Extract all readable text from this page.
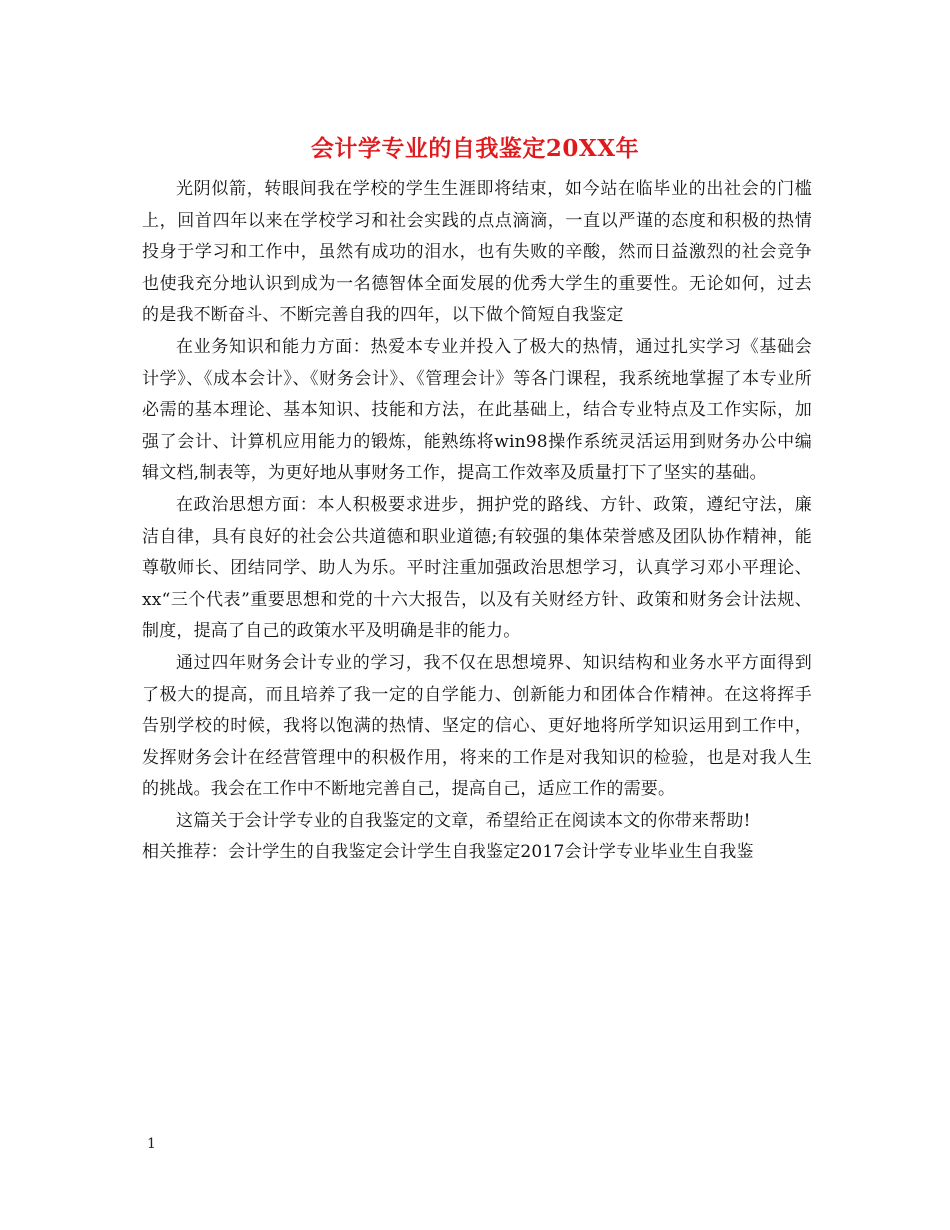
会计学专业的自我鉴定20XX年

光阴似箭，转眼间我在学校的学生生涯即将结束，如今站在临毕业的出社会的门槛上，回首四年以来在学校学习和社会实践的点点滴滴，一直以严谨的态度和积极的热情投身于学习和工作中，虽然有成功的泪水，也有失败的辛酸，然而日益激烈的社会竞争也使我充分地认识到成为一名德智体全面发展的优秀大学生的重要性。无论如何，过去的是我不断奋斗、不断完善自我的四年，以下做个简短自我鉴定

在业务知识和能力方面：热爱本专业并投入了极大的热情，通过扎实学习《基础会计学》、《成本会计》、《财务会计》、《管理会计》等各门课程，我系统地掌握了本专业所必需的基本理论、基本知识、技能和方法，在此基础上，结合专业特点及工作实际，加强了会计、计算机应用能力的锻炼，能熟练将win98操作系统灵活运用到财务办公中编辑文档,制表等，为更好地从事财务工作，提高工作效率及质量打下了坚实的基础。

在政治思想方面：本人积极要求进步，拥护党的路线、方针、政策，遵纪守法，廉洁自律，具有良好的社会公共道德和职业道德;有较强的集体荣誉感及团队协作精神，能尊敬师长、团结同学、助人为乐。平时注重加强政治思想学习，认真学习邓小平理论、xx“三个代表”重要思想和党的十六大报告，以及有关财经方针、政策和财务会计法规、制度，提高了自己的政策水平及明确是非的能力。

通过四年财务会计专业的学习，我不仅在思想境界、知识结构和业务水平方面得到了极大的提高，而且培养了我一定的自学能力、创新能力和团体合作精神。在这将挥手告别学校的时候，我将以饱满的热情、坚定的信心、更好地将所学知识运用到工作中，发挥财务会计在经营管理中的积极作用，将来的工作是对我知识的检验，也是对我人生的挑战。我会在工作中不断地完善自己，提高自己，适应工作的需要。

这篇关于会计学专业的自我鉴定的文章，希望给正在阅读本文的你带来帮助!

相关推荐：会计学生的自我鉴定会计学生自我鉴定2017会计学专业毕业生自我鉴

1
